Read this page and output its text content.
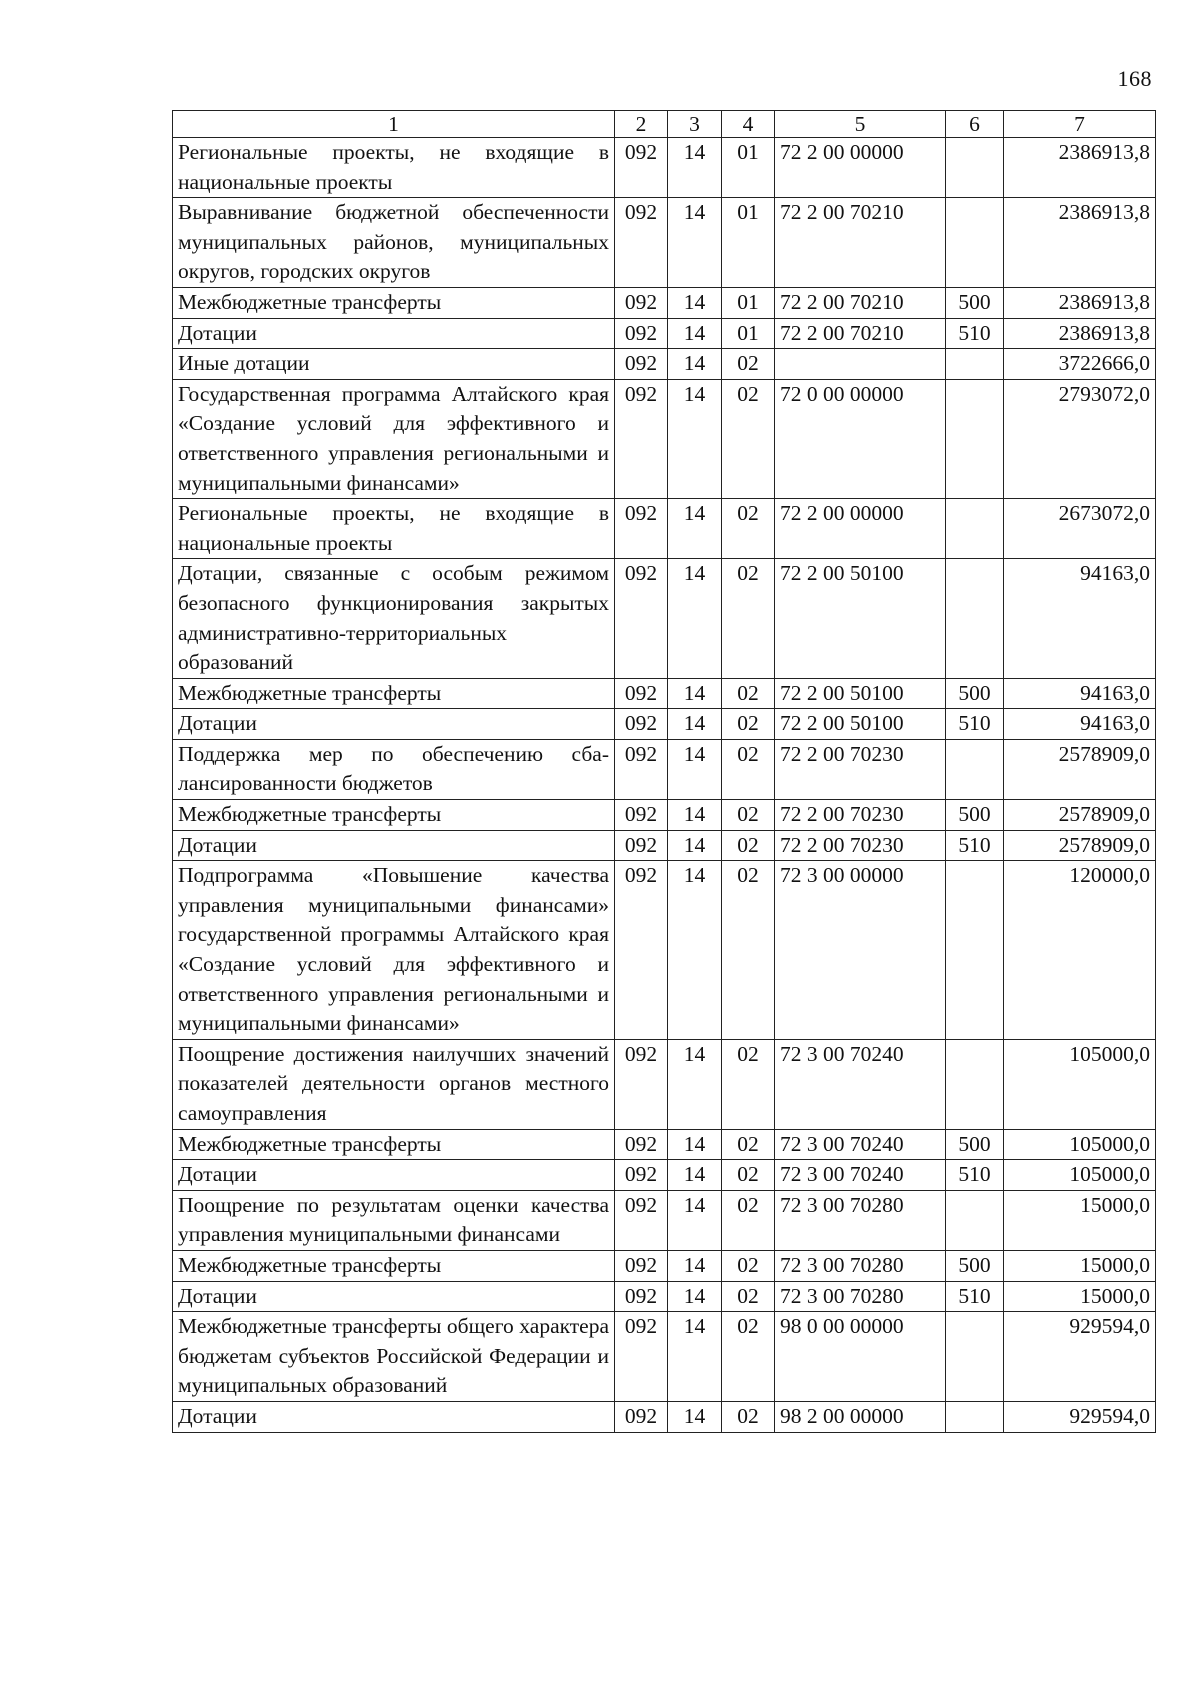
168
1	2	3	4	5	6	7
Региональные проекты, не входящие в национальные проекты	092	14	01	72 2 00 00000		2386913,8
Выравнивание бюджетной обеспеченности муниципальных районов, муниципальных округов, городских округов	092	14	01	72 2 00 70210		2386913,8
Межбюджетные трансферты	092	14	01	72 2 00 70210	500	2386913,8
Дотации	092	14	01	72 2 00 70210	510	2386913,8
Иные дотации	092	14	02			3722666,0
Государственная программа Алтайского края «Создание условий для эффективного и ответственного управления региональными и муниципальными финансами»	092	14	02	72 0 00 00000		2793072,0
Региональные проекты, не входящие в национальные проекты	092	14	02	72 2 00 00000		2673072,0
Дотации, связанные с особым режимом безопасного функционирования закрытых административно-территориальных образований	092	14	02	72 2 00 50100		94163,0
Межбюджетные трансферты	092	14	02	72 2 00 50100	500	94163,0
Дотации	092	14	02	72 2 00 50100	510	94163,0
Поддержка мер по обеспечению сбалансированности бюджетов	092	14	02	72 2 00 70230		2578909,0
Межбюджетные трансферты	092	14	02	72 2 00 70230	500	2578909,0
Дотации	092	14	02	72 2 00 70230	510	2578909,0
Подпрограмма «Повышение качества управления муниципальными финансами» государственной программы Алтайского края «Создание условий для эффективного и ответственного управления региональными и муниципальными финансами»	092	14	02	72 3 00 00000		120000,0
Поощрение достижения наилучших значений показателей деятельности органов местного самоуправления	092	14	02	72 3 00 70240		105000,0
Межбюджетные трансферты	092	14	02	72 3 00 70240	500	105000,0
Дотации	092	14	02	72 3 00 70240	510	105000,0
Поощрение по результатам оценки качества управления муниципальными финансами	092	14	02	72 3 00 70280		15000,0
Межбюджетные трансферты	092	14	02	72 3 00 70280	500	15000,0
Дотации	092	14	02	72 3 00 70280	510	15000,0
Межбюджетные трансферты общего характера бюджетам субъектов Российской Федерации и муниципальных образований	092	14	02	98 0 00 00000		929594,0
Дотации	092	14	02	98 2 00 00000		929594,0
